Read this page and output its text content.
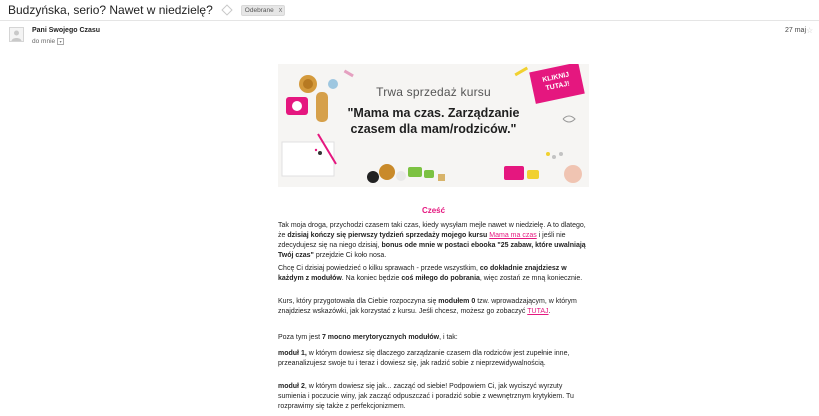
Budzyńska, serio? Nawet w niedzielę?	Odebrane x
Pani Swojego Czasu
do mnie	▾
27 maj ☆
KLIKNIJ
TUTAJ!
Trwa sprzedaż kursu
"Mama ma czas. Zarządzanie
czasem dla mam/rodziców."
Cześć

Tak moja droga, przychodzi czasem taki czas, kiedy wysyłam mejle nawet w niedzielę. A to dlatego, że dzisiaj kończy się pierwszy tydzień sprzedaży mojego kursu Mama ma czas i jeśli nie zdecydujesz się na niego dzisiaj, bonus ode mnie w postaci ebooka "25 zabaw, które uwalniają Twój czas" przejdzie Ci koło nosa.

Chcę Ci dzisiaj powiedzieć o kilku sprawach - przede wszystkim, co dokładnie znajdziesz w każdym z modułów. Na koniec będzie coś miłego do pobrania, więc zostań ze mną koniecznie.

Kurs, który przygotowała dla Ciebie rozpoczyna się modułem 0 tzw. wprowadzającym, w którym znajdziesz wskazówki, jak korzystać z kursu. Jeśli chcesz, możesz go zobaczyć TUTAJ.

Poza tym jest 7 mocno merytorycznych modułów, i tak:

moduł 1, w którym dowiesz się dlaczego zarządzanie czasem dla rodziców jest zupełnie inne, przeanalizujesz swoje tu i teraz i dowiesz się, jak radzić sobie z nieprzewidywalnością.

moduł 2, w którym dowiesz się jak... zacząć od siebie! Podpowiem Ci, jak wyciszyć wyrzuty sumienia i poczucie winy, jak zacząć odpuszczać i poradzić sobie z wewnętrznym krytykiem. Tu rozprawimy się także z perfekcjonizmem.
